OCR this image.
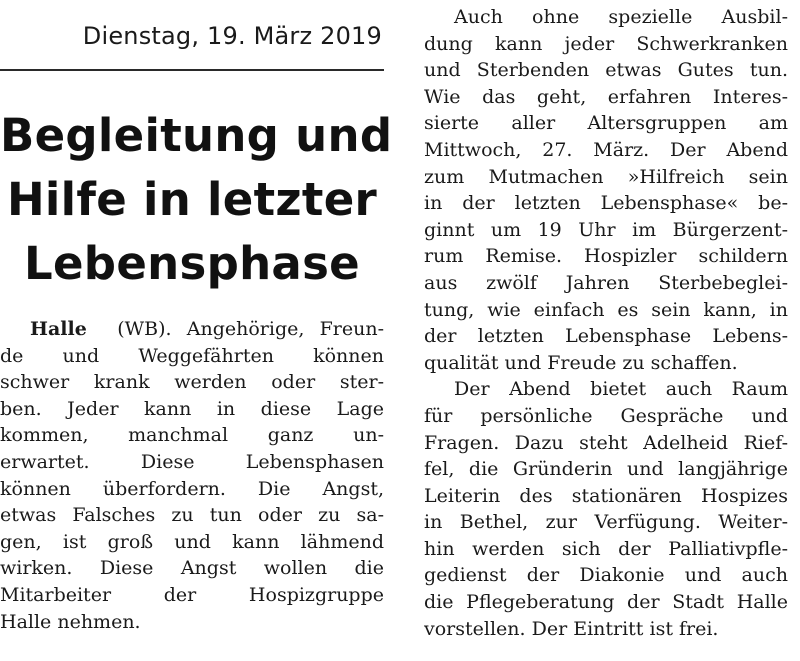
Dienstag, 19. März 2019
Begleitung und
Hilfe in letzter
Lebensphase
Halle (WB). Angehörige, Freun-
de und Weggefährten können
schwer krank werden oder ster-
ben. Jeder kann in diese Lage
kommen, manchmal ganz un-
erwartet. Diese Lebensphasen
können überfordern. Die Angst,
etwas Falsches zu tun oder zu sa-
gen, ist groß und kann lähmend
wirken. Diese Angst wollen die
Mitarbeiter der Hospizgruppe
Halle nehmen.
Auch ohne spezielle Ausbil-
dung kann jeder Schwerkranken
und Sterbenden etwas Gutes tun.
Wie das geht, erfahren Interes-
sierte aller Altersgruppen am
Mittwoch, 27. März. Der Abend
zum Mutmachen »Hilfreich sein
in der letzten Lebensphase« be-
ginnt um 19 Uhr im Bürgerzent-
rum Remise. Hospizler schildern
aus zwölf Jahren Sterbebeglei-
tung, wie einfach es sein kann, in
der letzten Lebensphase Lebens-
qualität und Freude zu schaffen.
Der Abend bietet auch Raum
für persönliche Gespräche und
Fragen. Dazu steht Adelheid Rief-
fel, die Gründerin und langjährige
Leiterin des stationären Hospizes
in Bethel, zur Verfügung. Weiter-
hin werden sich der Palliativpfle-
gedienst der Diakonie und auch
die Pflegeberatung der Stadt Halle
vorstellen. Der Eintritt ist frei.
